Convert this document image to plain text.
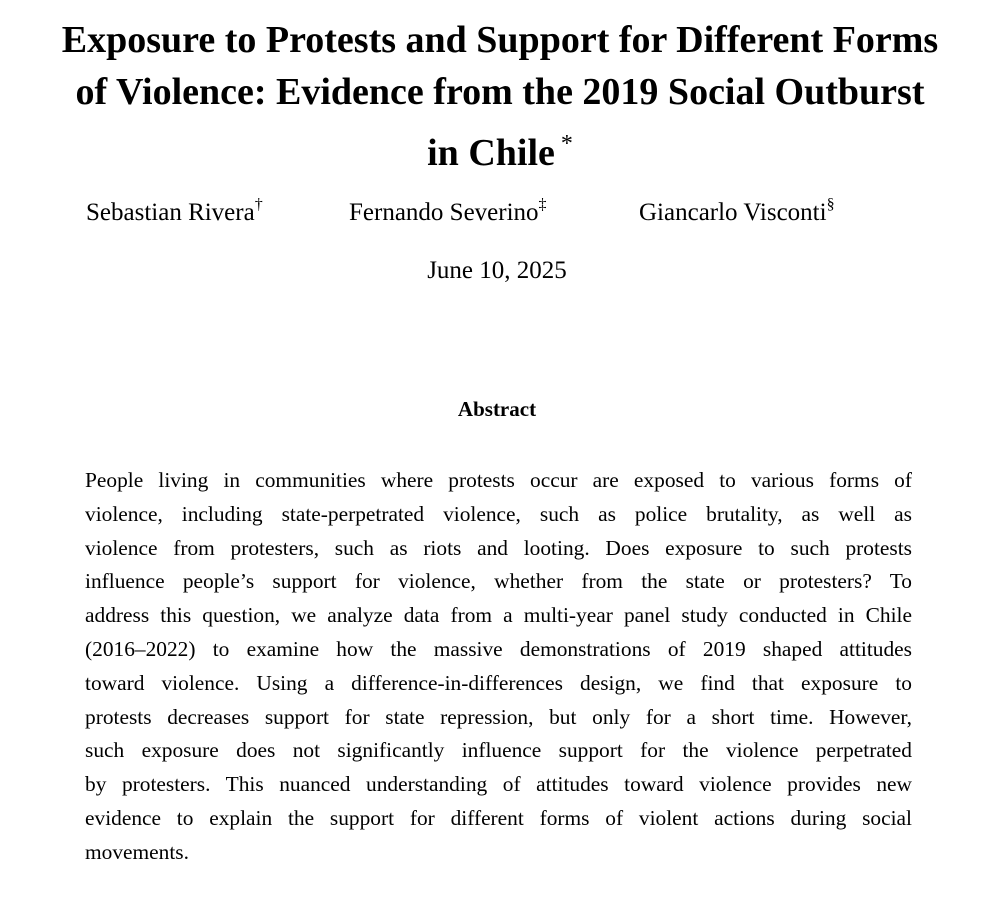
Exposure to Protests and Support for Different Forms
of Violence: Evidence from the 2019 Social Outburst
in Chile *
Sebastian Rivera†	Fernando Severino‡	Giancarlo Visconti§
June 10, 2025
Abstract
People living in communities where protests occur are exposed to various forms of
violence, including state-perpetrated violence, such as police brutality, as well as
violence from protesters, such as riots and looting. Does exposure to such protests
influence people’s support for violence, whether from the state or protesters? To
address this question, we analyze data from a multi-year panel study conducted in Chile
(2016–2022) to examine how the massive demonstrations of 2019 shaped attitudes
toward violence. Using a difference-in-differences design, we find that exposure to
protests decreases support for state repression, but only for a short time. However,
such exposure does not significantly influence support for the violence perpetrated
by protesters. This nuanced understanding of attitudes toward violence provides new
evidence to explain the support for different forms of violent actions during social
movements.
